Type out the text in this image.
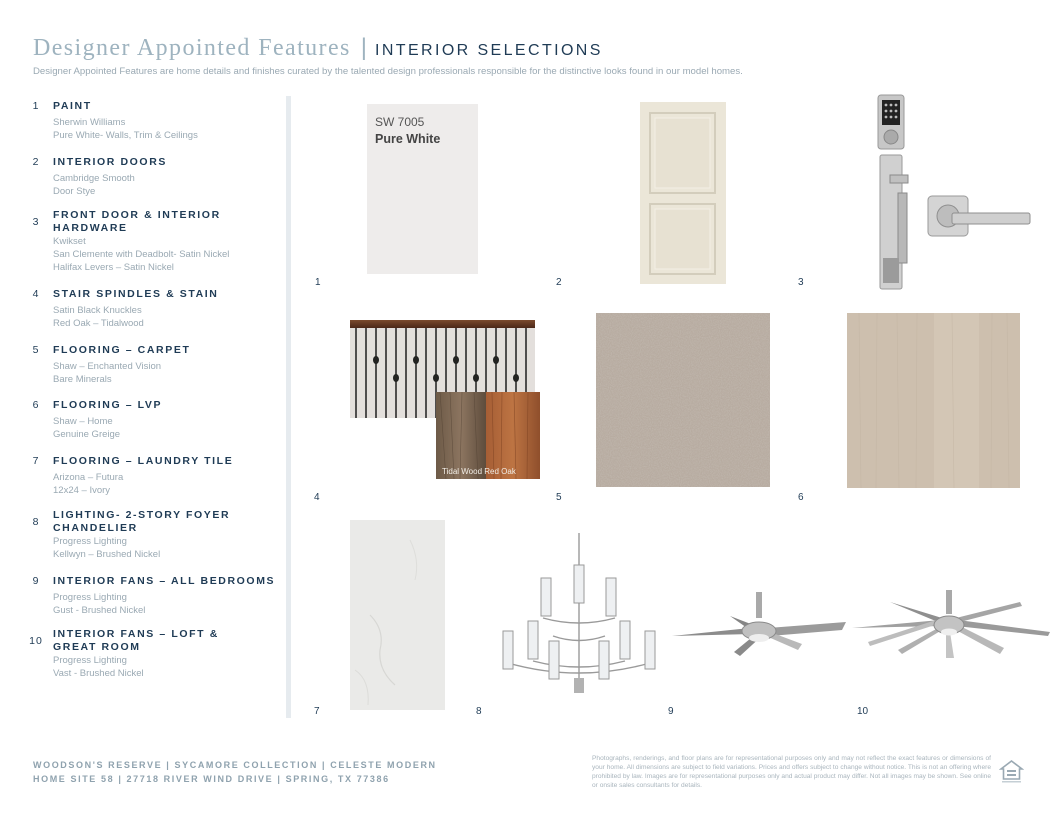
Designer Appointed Features | INTERIOR SELECTIONS
Designer Appointed Features are home details and finishes curated by the talented design professionals responsible for the distinctive looks found in our model homes.
1	PAINT
Sherwin Williams
Pure White- Walls, Trim & Ceilings
2	INTERIOR DOORS
Cambridge Smooth
Door Stye
3
FRONT DOOR & INTERIOR HARDWARE
Kwikset
San Clemente with Deadbolt- Satin Nickel
Halifax Levers – Satin Nickel
4	STAIR SPINDLES & STAIN
Satin Black Knuckles
Red Oak – Tidalwood
5	FLOORING – CARPET
Shaw – Enchanted Vision
Bare Minerals
6	FLOORING – LVP
Shaw – Home
Genuine Greige
7	FLOORING – LAUNDRY TILE
Arizona – Futura
12x24 – Ivory
8
LIGHTING- 2-STORY FOYER CHANDELIER
Progress Lighting
Kellwyn – Brushed Nickel
9	INTERIOR FANS – ALL BEDROOMS
Progress Lighting
Gust - Brushed Nickel
10
INTERIOR FANS – LOFT & GREAT ROOM
Progress Lighting
Vast - Brushed Nickel
SW 7005
Pure White
1	2	3
Tidal Wood Red Oak
4	5	6
7	8	9	10
WOODSON'S RESERVE | SYCAMORE COLLECTION | CELESTE MODERN
HOME SITE 58 | 27718 RIVER WIND DRIVE | SPRING, TX 77386
Photographs, renderings, and floor plans are for representational purposes only and may not reflect the exact features or dimensions of your home. All dimensions are subject to field variations. Prices and offers subject to change without notice. This is not an offering where prohibited by law. Images are for representational purposes only and actual product may differ. Not all images may be shown. See online or onsite sales consultants for details.
